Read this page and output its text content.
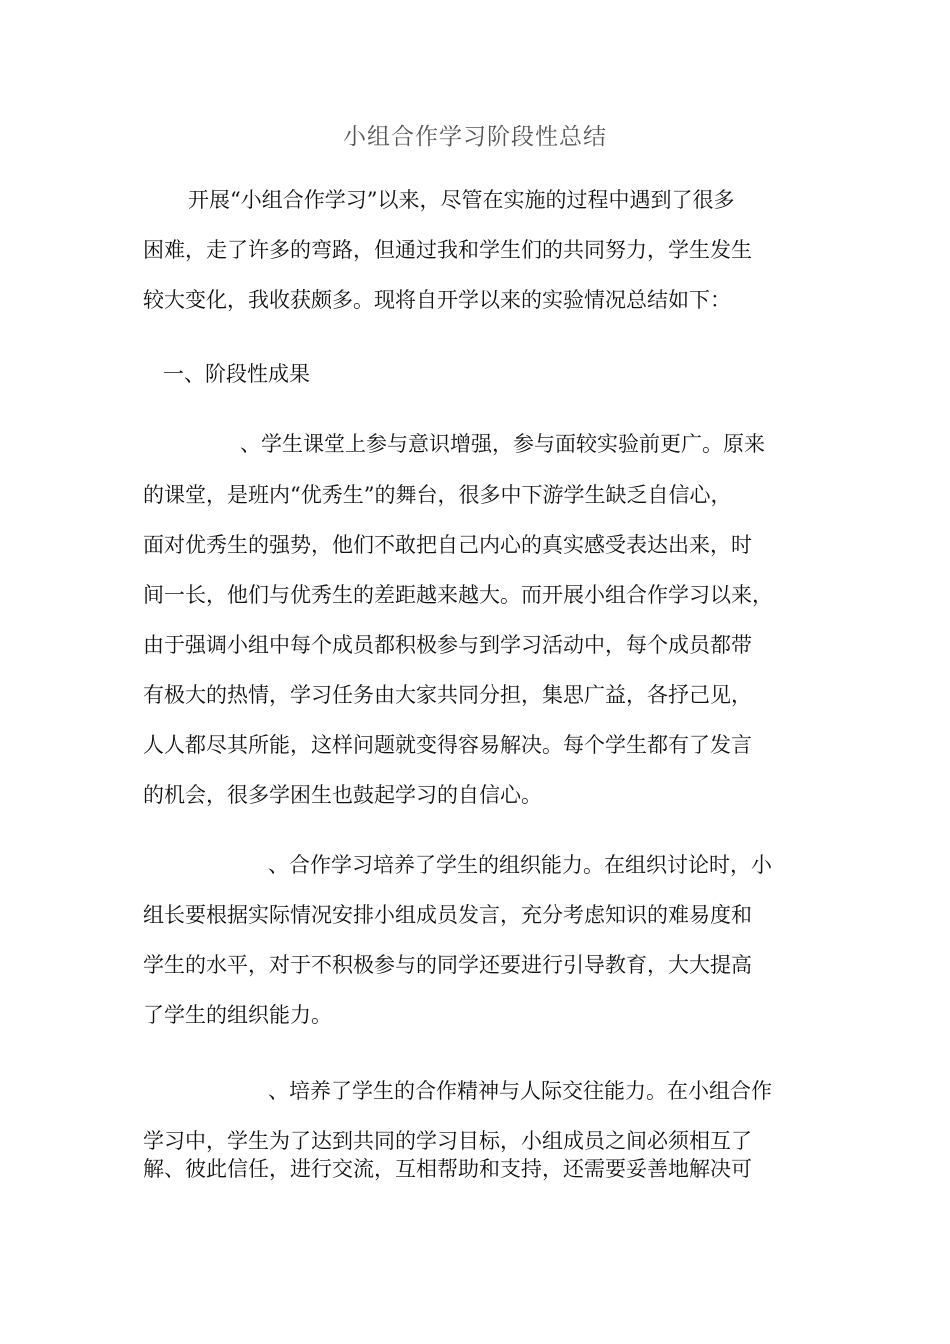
小组合作学习阶段性总结
开展“小组合作学习”以来，尽管在实施的过程中遇到了很多
困难，走了许多的弯路，但通过我和学生们的共同努力，学生发生
较大变化，我收获颇多。现将自开学以来的实验情况总结如下：
一、阶段性成果
、学生课堂上参与意识增强，参与面较实验前更广。原来
的课堂，是班内“优秀生”的舞台，很多中下游学生缺乏自信心，
面对优秀生的强势，他们不敢把自己内心的真实感受表达出来，时
间一长，他们与优秀生的差距越来越大。而开展小组合作学习以来，
由于强调小组中每个成员都积极参与到学习活动中，每个成员都带
有极大的热情，学习任务由大家共同分担，集思广益，各抒己见，
人人都尽其所能，这样问题就变得容易解决。每个学生都有了发言
的机会，很多学困生也鼓起学习的自信心。
、合作学习培养了学生的组织能力。在组织讨论时，小
组长要根据实际情况安排小组成员发言，充分考虑知识的难易度和
学生的水平，对于不积极参与的同学还要进行引导教育，大大提高
了学生的组织能力。
、培养了学生的合作精神与人际交往能力。在小组合作
学习中，学生为了达到共同的学习目标，小组成员之间必须相互了
解、彼此信任，进行交流，互相帮助和支持，还需要妥善地解决可
